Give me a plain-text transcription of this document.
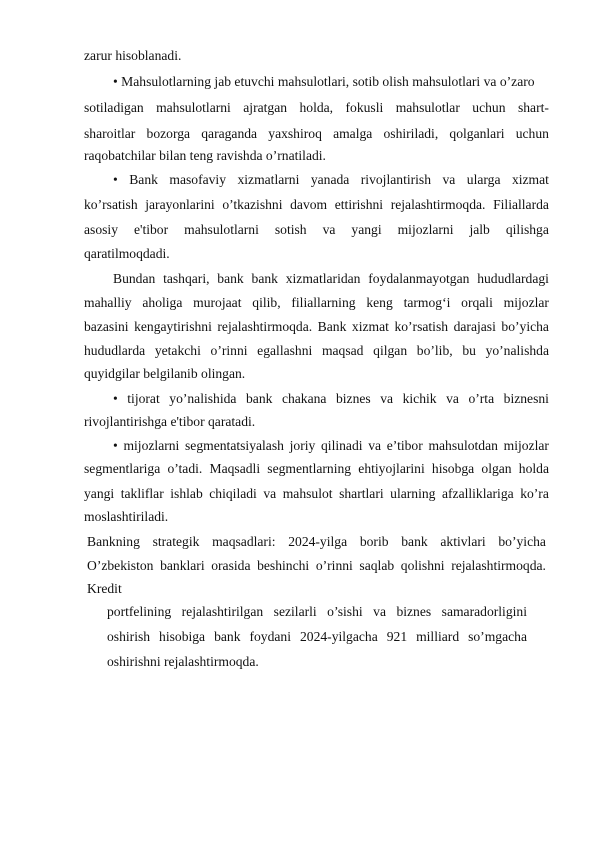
zarur hisoblanadi.
• Mahsulotlarning jab etuvchi mahsulotlari, sotib olish mahsulotlari va o’zaro
sotiladigan mahsulotlarni ajratgan holda, fokusli mahsulotlar uchun shart-
sharoitlar bozorga qaraganda yaxshiroq amalga oshiriladi, qolganlari uchun
raqobatchilar bilan teng ravishda o’rnatiladi.
• Bank masofaviy xizmatlarni yanada rivojlantirish va ularga xizmat
ko’rsatish jarayonlarini o’tkazishni davom ettirishni rejalashtirmoqda. Filiallarda
asosiy e'tibor mahsulotlarni sotish va yangi mijozlarni jalb qilishga
qaratilmoqdadi.
Bundan tashqari, bank bank xizmatlaridan foydalanmayotgan hududlardagi
mahalliy aholiga murojaat qilib, filiallarning keng tarmog‘i orqali mijozlar
bazasini kengaytirishni rejalashtirmoqda. Bank xizmat ko’rsatish darajasi bo’yicha
hududlarda yetakchi o’rinni egallashni maqsad qilgan bo’lib, bu yo’nalishda
quyidgilar belgilanib olingan.
• tijorat yo’nalishida bank chakana biznes va kichik va o’rta biznesni
rivojlantirishga e'tibor qaratadi.
• mijozlarni segmentatsiyalash joriy qilinadi va e’tibor mahsulotdan mijozlar
segmentlariga o’tadi. Maqsadli segmentlarning ehtiyojlarini hisobga olgan holda
yangi takliflar ishlab chiqiladi va mahsulot shartlari ularning afzalliklariga ko’ra
moslashtiriladi.
Bankning strategik maqsadlari: 2024-yilga borib bank aktivlari bo’yicha
O’zbekiston banklari orasida beshinchi o’rinni saqlab qolishni rejalashtirmoqda.
Kredit
portfelining rejalashtirilgan sezilarli o’sishi va biznes samaradorligini
oshirish hisobiga bank foydani 2024-yilgacha 921 milliard so’mgacha
oshirishni rejalashtirmoqda.
